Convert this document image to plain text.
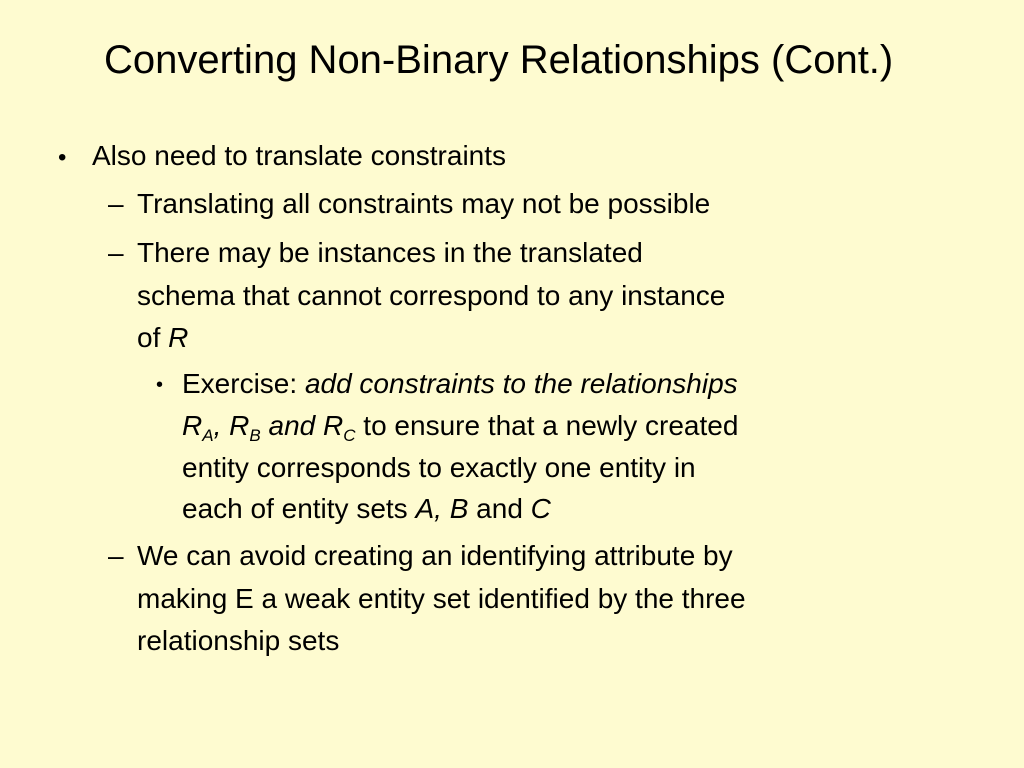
Converting Non-Binary Relationships (Cont.)
• Also need to translate constraints
– Translating all constraints may not be possible
– There may be instances in the translated
schema that cannot correspond to any instance
of R
• Exercise: add constraints to the relationships
$R_A$, $R_B$ and $R_C$ to ensure that a newly created
entity corresponds to exactly one entity in
each of entity sets A, B and C
– We can avoid creating an identifying attribute by
making E a weak entity set identified by the three
relationship sets
